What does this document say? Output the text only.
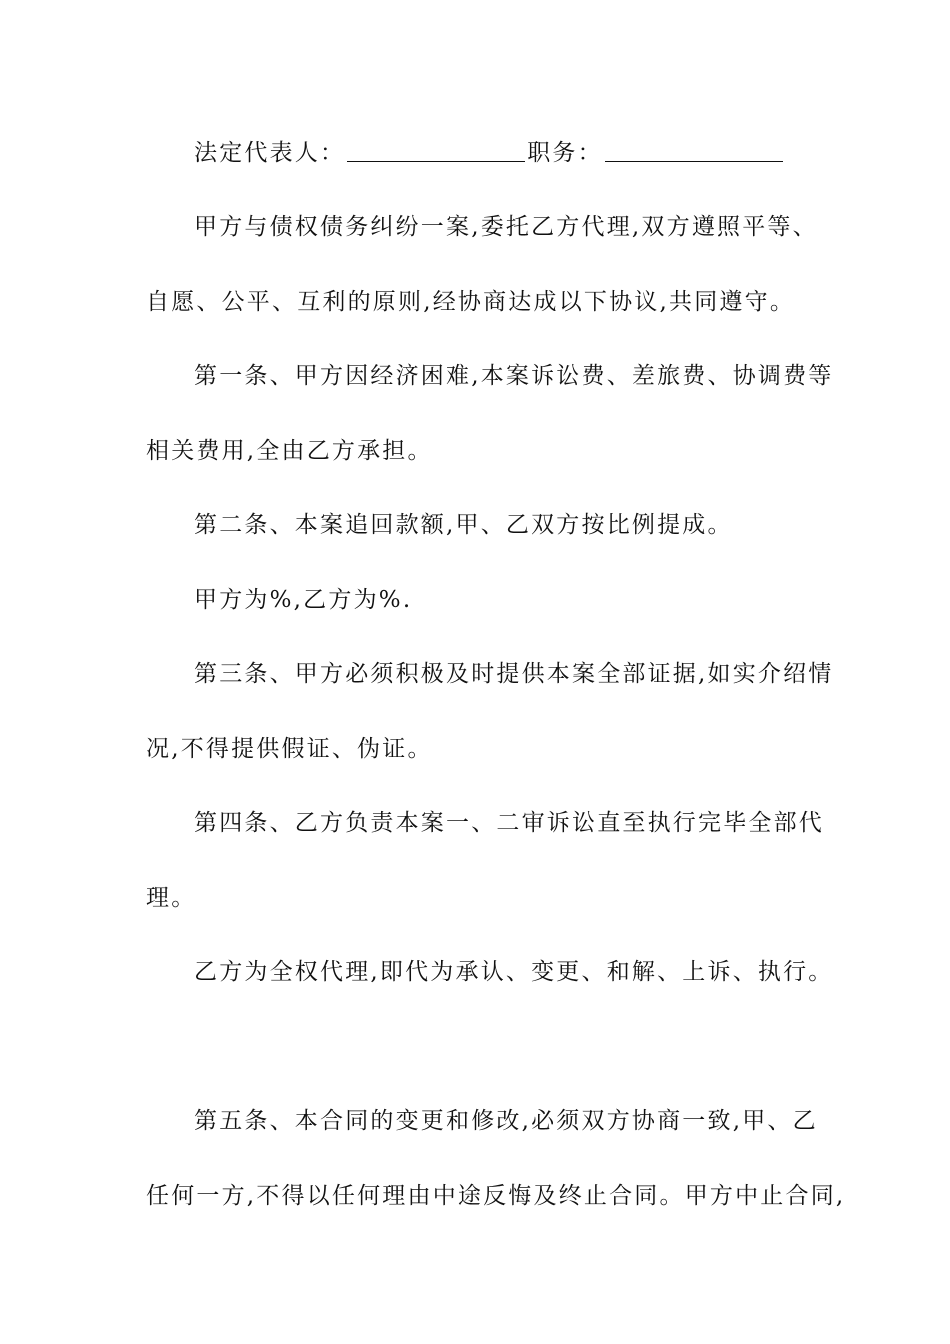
法定代表人：	职务：
甲方与债权债务纠纷一案,委托乙方代理,双方遵照平等、
自愿、公平、互利的原则,经协商达成以下协议,共同遵守。
第一条、甲方因经济困难,本案诉讼费、差旅费、协调费等
相关费用,全由乙方承担。
第二条、本案追回款额,甲、乙双方按比例提成。
甲方为%,乙方为%.
第三条、甲方必须积极及时提供本案全部证据,如实介绍情
况,不得提供假证、伪证。
第四条、乙方负责本案一、二审诉讼直至执行完毕全部代
理。
乙方为全权代理,即代为承认、变更、和解、上诉、执行。
第五条、本合同的变更和修改,必须双方协商一致,甲、乙
任何一方,不得以任何理由中途反悔及终止合同。甲方中止合同,
